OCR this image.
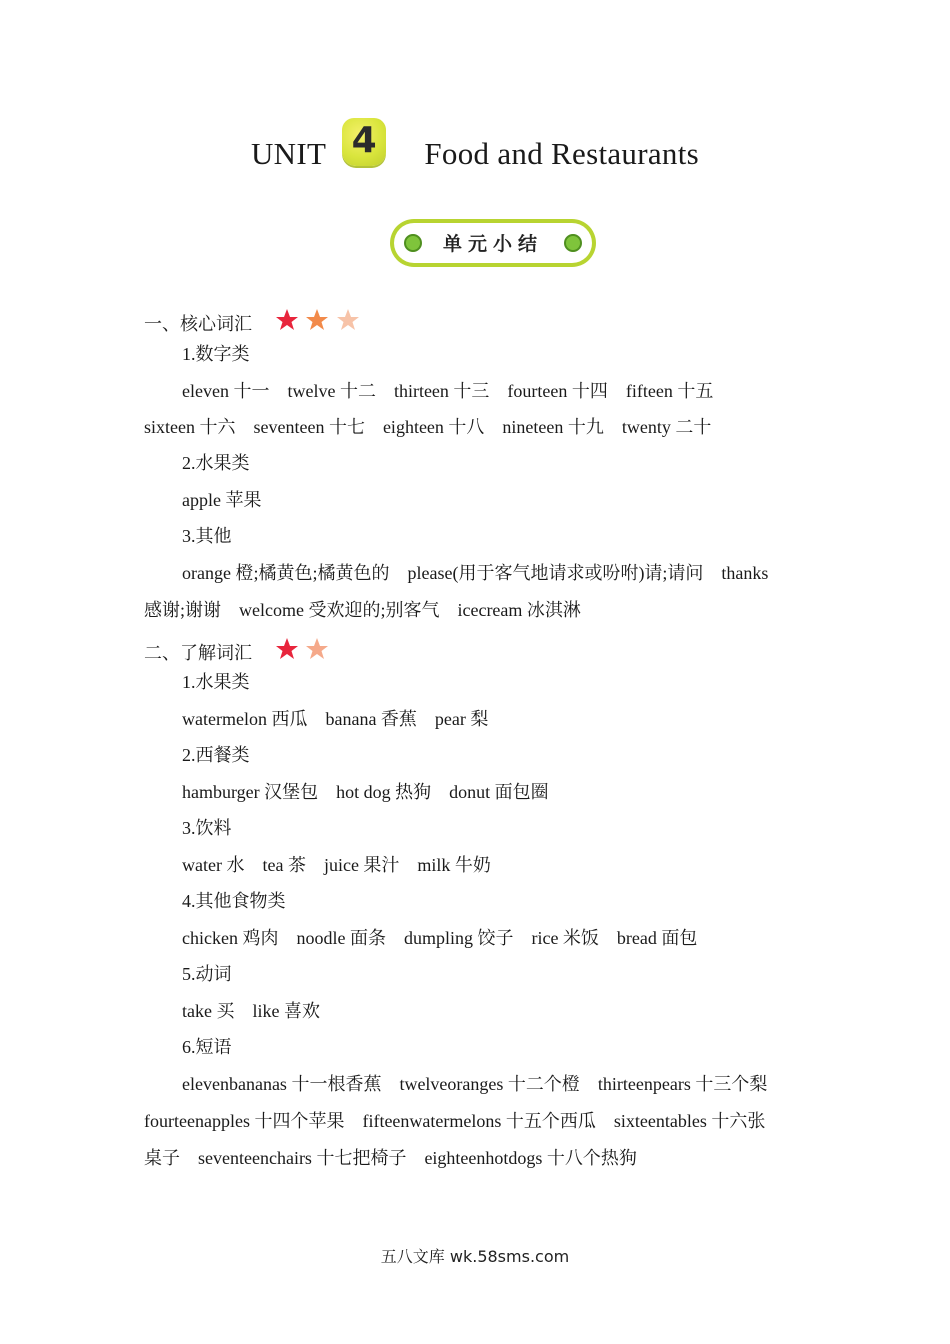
UNIT 4	Food and Restaurants
单元小结
一、核心词汇
1.数字类
eleven 十一　twelve 十二　thirteen 十三　fourteen 十四　fifteen 十五
sixteen 十六　seventeen 十七　eighteen 十八　nineteen 十九　twenty 二十
2.水果类
apple 苹果
3.其他
orange 橙;橘黄色;橘黄色的　please(用于客气地请求或吩咐)请;请问　thanks
感谢;谢谢　welcome 受欢迎的;别客气　icecream 冰淇淋
二、了解词汇
1.水果类
watermelon 西瓜　banana 香蕉　pear 梨
2.西餐类
hamburger 汉堡包　hot dog 热狗　donut 面包圈
3.饮料
water 水　tea 茶　juice 果汁　milk 牛奶
4.其他食物类
chicken 鸡肉　noodle 面条　dumpling 饺子　rice 米饭　bread 面包
5.动词
take 买　like 喜欢
6.短语
elevenbananas 十一根香蕉　twelveoranges 十二个橙　thirteenpears 十三个梨
fourteenapples 十四个苹果　fifteenwatermelons 十五个西瓜　sixteentables 十六张
桌子　seventeenchairs 十七把椅子　eighteenhotdogs 十八个热狗
五八文库 wk.58sms.com
